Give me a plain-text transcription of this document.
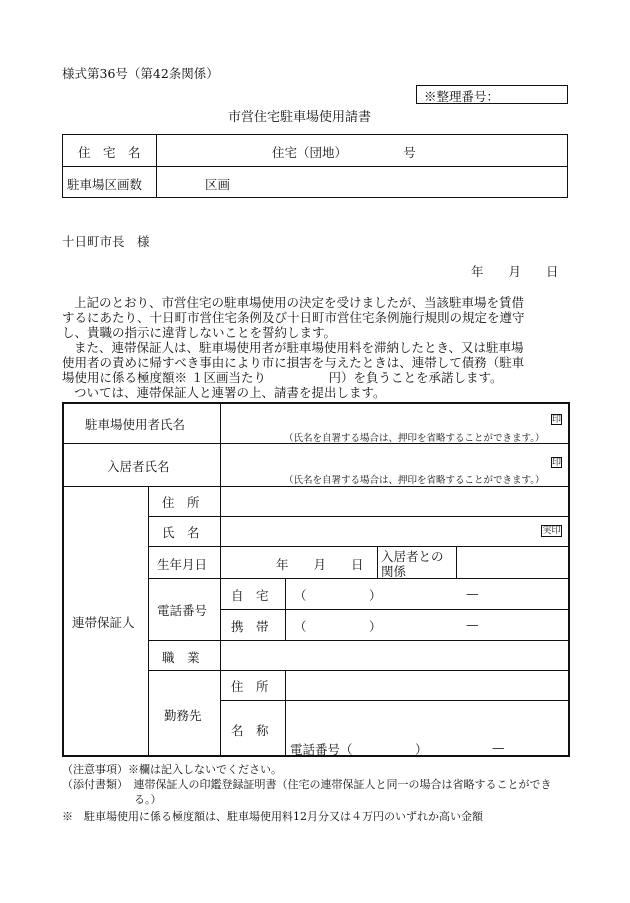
様式第36号（第42条関係）
※整理番号：
市営住宅駐車場使用請書
住　宅　名	住宅（団地）　　　　　号
駐車場区画数	区画
十日町市長　様
年　　月　　日
上記のとおり、市営住宅の駐車場使用の決定を受けましたが、当該駐車場を賃借
するにあたり、十日町市営住宅条例及び十日町市営住宅条例施行規則の規定を遵守
し、貴職の指示に違背しないことを誓約します。
また、連帯保証人は、駐車場使用者が駐車場使用料を滞納したとき、又は駐車場
使用者の責めに帰すべき事由により市に損害を与えたときは、連帯して債務（駐車
場使用に係る極度額※ １区画当たり　　　　　円）を負うことを承諾します。
ついては、連帯保証人と連署の上、請書を提出します。
駐車場使用者氏名	印
（氏名を自署する場合は、押印を省略することができます。）
入居者氏名	印
（氏名を自署する場合は、押印を省略することができます。）
連帯保証人
住　所
氏　名	実印
生年月日	年　　月　　日
入居者との
関係
電話番号
自　宅 （　　　　　）	—
携　帯 （　　　　　）	—
職　業
勤務先
住　所
名　称
電話番号（　　　　　）	—
（注意事項）※欄は記入しないでください。
（添付書類）　連帯保証人の印鑑登録証明書（住宅の連帯保証人と同一の場合は省略することができ
る。）
※　駐車場使用に係る極度額は、駐車場使用料12月分又は４万円のいずれか高い金額
